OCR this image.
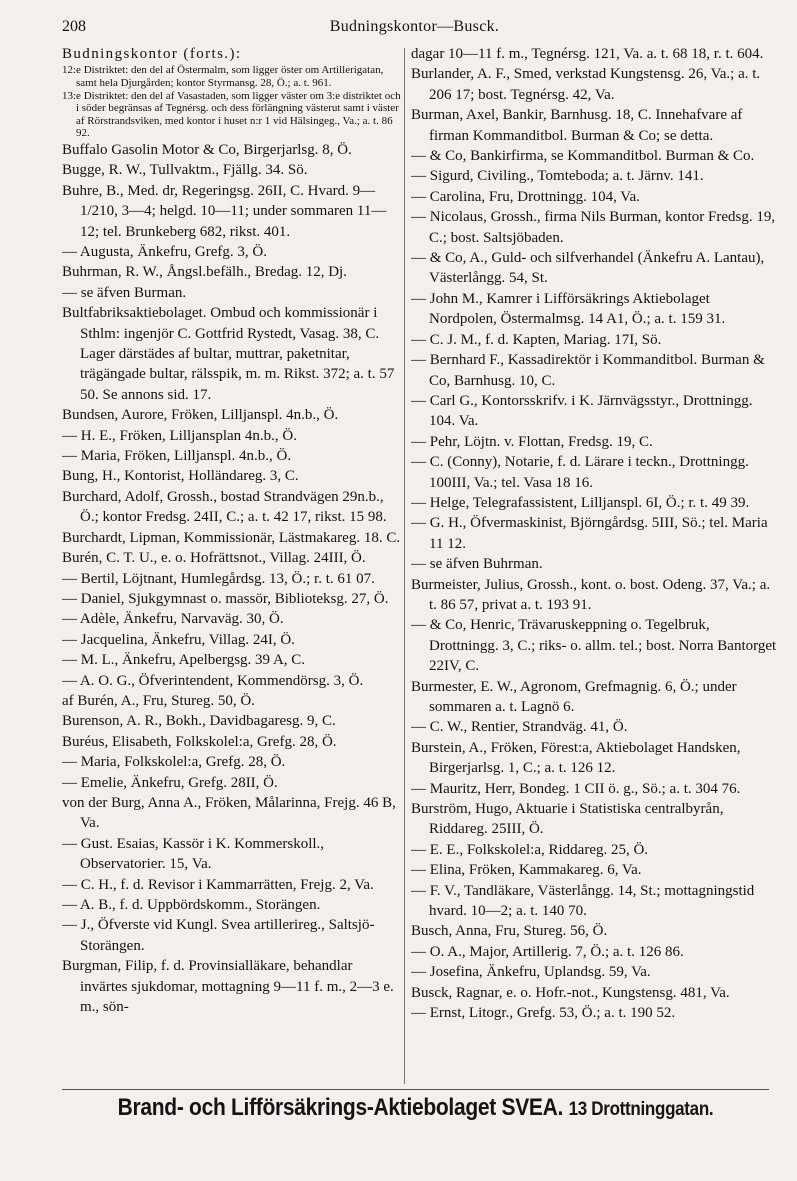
208	Budningskontor—Busck.

Budningskontor (forts.):

12:e Distriktet: den del af Östermalm, som ligger öster om Artillerigatan, samt hela Djurgården; kontor Styrmansg. 28, Ö.; a. t. 961.

13:e Distriktet: den del af Vasastaden, som ligger väster om 3:e distriktet och i söder begränsas af Tegnérsg. och dess förlängning västerut samt i väster af Rörstrandsviken, med kontor i huset n:r 1 vid Hälsingeg., Va.; a. t. 86 92.

Buffalo Gasolin Motor & Co, Birgerjarlsg. 8, Ö.

Bugge, R. W., Tullvaktm., Fjällg. 34. Sö.

Buhre, B., Med. dr, Regeringsg. 26II, C. Hvard. 9—1/210, 3—4; helgd. 10—11; under sommaren 11—12; tel. Brunkeberg 682, rikst. 401.

— Augusta, Änkefru, Grefg. 3, Ö.

Buhrman, R. W., Ångsl.befälh., Bredag. 12, Dj.

— se äfven Burman.

Bultfabriksaktiebolaget. Ombud och kommissionär i Sthlm: ingenjör C. Gottfrid Rystedt, Vasag. 38, C. Lager därstädes af bultar, muttrar, paketnitar, trägängade bultar, rälsspik, m. m. Rikst. 372; a. t. 57 50. Se annons sid. 17.

Bundsen, Aurore, Fröken, Lilljanspl. 4n.b., Ö.

— H. E., Fröken, Lilljansplan 4n.b., Ö.

— Maria, Fröken, Lilljanspl. 4n.b., Ö.

Bung, H., Kontorist, Holländareg. 3, C.

Burchard, Adolf, Grossh., bostad Strandvägen 29n.b., Ö.; kontor Fredsg. 24II, C.; a. t. 42 17, rikst. 15 98.

Burchardt, Lipman, Kommissionär, Lästmakareg. 18. C.

Burén, C. T. U., e. o. Hofrättsnot., Villag. 24III, Ö.

— Bertil, Löjtnant, Humlegårdsg. 13, Ö.; r. t. 61 07.

— Daniel, Sjukgymnast o. massör, Biblioteksg. 27, Ö.

— Adèle, Änkefru, Narvaväg. 30, Ö.

— Jacquelina, Änkefru, Villag. 24I, Ö.

— M. L., Änkefru, Apelbergsg. 39 A, C.

— A. O. G., Öfverintendent, Kommendörsg. 3, Ö.

af Burén, A., Fru, Stureg. 50, Ö.

Burenson, A. R., Bokh., Davidbagaresg. 9, C.

Buréus, Elisabeth, Folkskolel:a, Grefg. 28, Ö.

— Maria, Folkskolel:a, Grefg. 28, Ö.

— Emelie, Änkefru, Grefg. 28II, Ö.

von der Burg, Anna A., Fröken, Målarinna, Frejg. 46 B, Va.

— Gust. Esaias, Kassör i K. Kommerskoll., Observatoriег. 15, Va.

— C. H., f. d. Revisor i Kammarrätten, Frejg. 2, Va.

— A. B., f. d. Uppbördskomm., Storängen.

— J., Öfverste vid Kungl. Svea artillerireg., Saltsjö-Storängen.

Burgman, Filip, f. d. Provinsialläkare, behandlar invärtes sjukdomar, mottagning 9—11 f. m., 2—3 e. m., sön-

dagar 10—11 f. m., Tegnérsg. 121, Va. a. t. 68 18, r. t. 604.

Burlander, A. F., Smed, verkstad Kungstensg. 26, Va.; a. t. 206 17; bost. Tegnérsg. 42, Va.

Burman, Axel, Bankir, Barnhusg. 18, C. Innehafvare af firman Kommanditbol. Burman & Co; se detta.

— & Co, Bankirfirma, se Kommanditbol. Burman & Co.

— Sigurd, Civiling., Tomteboda; a. t. Järnv. 141.

— Carolina, Fru, Drottningg. 104, Va.

— Nicolaus, Grossh., firma Nils Burman, kontor Fredsg. 19, C.; bost. Saltsjöbaden.

— & Co, A., Guld- och silfverhandel (Änkefru A. Lantau), Västerlångg. 54, St.

— John M., Kamrer i Lifförsäkrings Aktiebolaget Nordpolen, Östermalmsg. 14 A1, Ö.; a. t. 159 31.

— C. J. M., f. d. Kapten, Mariag. 17I, Sö.

— Bernhard F., Kassadirektör i Kommanditbol. Burman & Co, Barnhusg. 10, C.

— Carl G., Kontorsskrifv. i K. Järnvägsstyr., Drottningg. 104. Va.

— Pehr, Löjtn. v. Flottan, Fredsg. 19, C.

— C. (Conny), Notarie, f. d. Lärare i teckn., Drottningg. 100III, Va.; tel. Vasa 18 16.

— Helge, Telegrafassistent, Lilljanspl. 6I, Ö.; r. t. 49 39.

— G. H., Öfvermaskinist, Björngårdsg. 5III, Sö.; tel. Maria 11 12.

— se äfven Buhrman.

Burmeister, Julius, Grossh., kont. o. bost. Odeng. 37, Va.; a. t. 86 57, privat a. t. 193 91.

— & Co, Henric, Trävaruskeppning o. Tegelbruk, Drottningg. 3, C.; riks- o. allm. tel.; bost. Norra Bantorget 22IV, C.

Burmester, E. W., Agronom, Grefmagnig. 6, Ö.; under sommaren a. t. Lagnö 6.

— C. W., Rentier, Strandväg. 41, Ö.

Burstein, A., Fröken, Förest:a, Aktiebolaget Handsken, Birgerjarlsg. 1, C.; a. t. 126 12.

— Mauritz, Herr, Bondeg. 1 CII ö. g., Sö.; a. t. 304 76.

Burström, Hugo, Aktuarie i Statistiska centralbyrån, Riddareg. 25III, Ö.

— E. E., Folkskolel:a, Riddareg. 25, Ö.

— Elina, Fröken, Kammakareg. 6, Va.

— F. V., Tandläkare, Västerlångg. 14, St.; mottagningstid hvard. 10—2; a. t. 140 70.

Busch, Anna, Fru, Stureg. 56, Ö.

— O. A., Major, Artillerig. 7, Ö.; a. t. 126 86.

— Josefina, Änkefru, Uplandsg. 59, Va.

Busck, Ragnar, e. o. Hofr.-not., Kungstensg. 481, Va.

— Ernst, Litogr., Grefg. 53, Ö.; a. t. 190 52.

Brand- och Lifförsäkrings-Aktiebolaget SVEA. 13 Drottninggatan.
